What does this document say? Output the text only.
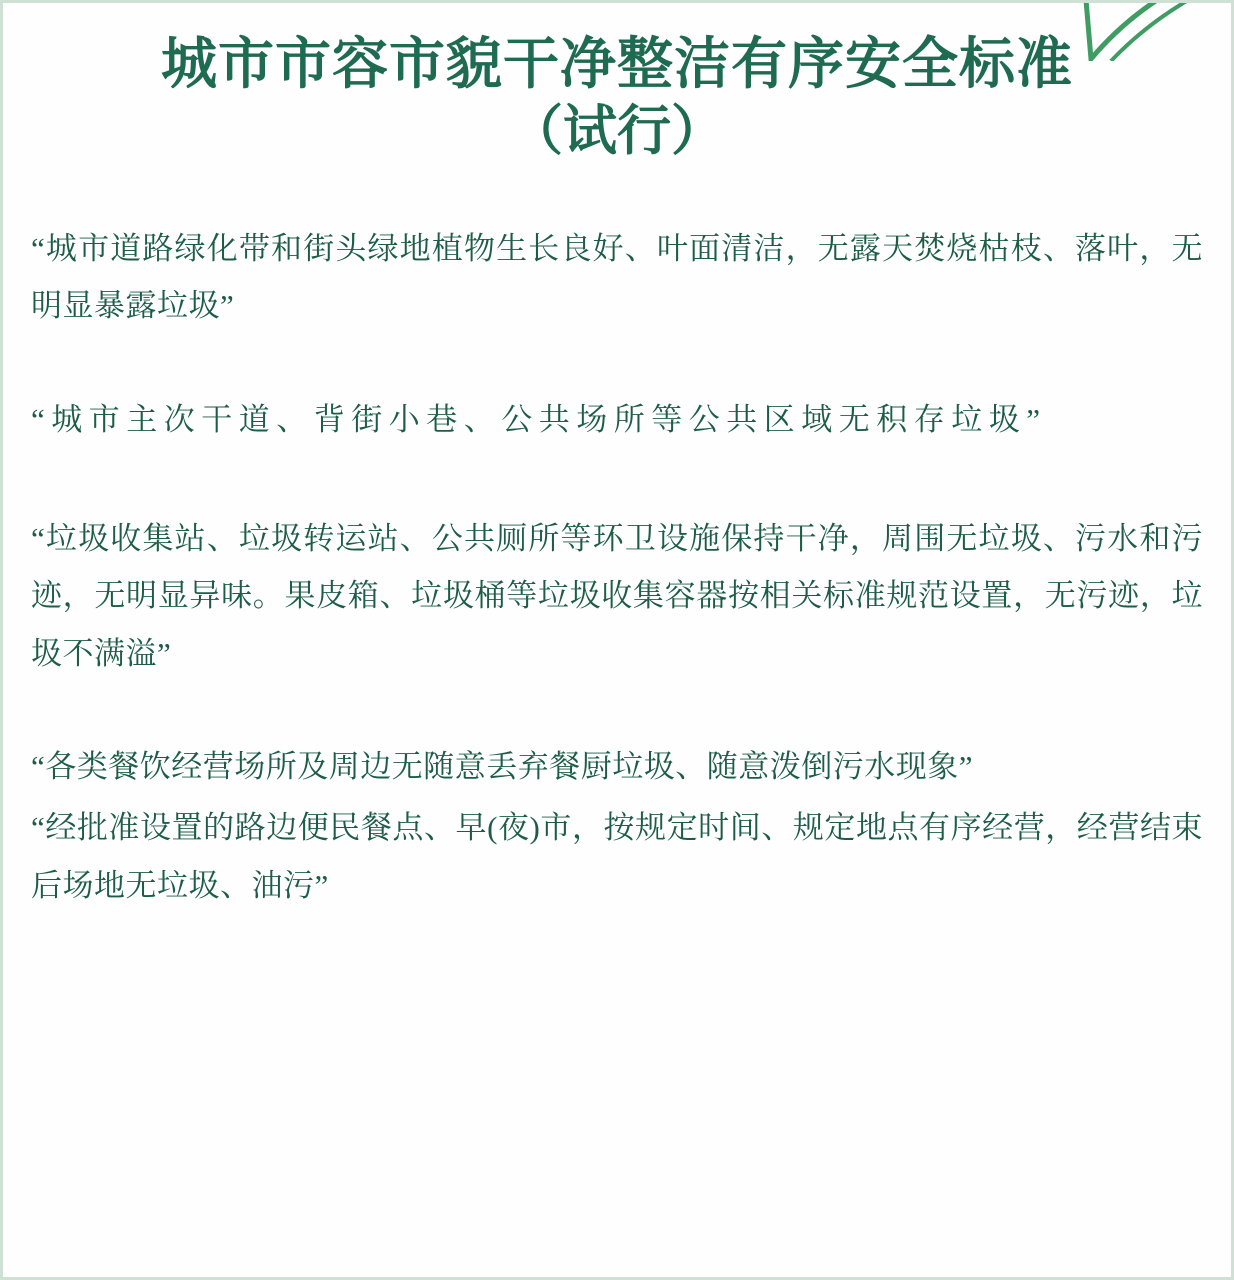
城市市容市貌干净整洁有序安全标准
（试行）

“城市道路绿化带和街头绿地植物生长良好、叶面清洁，无露天焚烧枯枝、落叶，无明显暴露垃圾”

“城市主次干道、背街小巷、公共场所等公共区域无积存垃圾”

“垃圾收集站、垃圾转运站、公共厕所等环卫设施保持干净，周围无垃圾、污水和污迹，无明显异味。果皮箱、垃圾桶等垃圾收集容器按相关标准规范设置，无污迹，垃圾不满溢”

“各类餐饮经营场所及周边无随意丢弃餐厨垃圾、随意泼倒污水现象”

“经批准设置的路边便民餐点、早(夜)市，按规定时间、规定地点有序经营，经营结束后场地无垃圾、油污”
